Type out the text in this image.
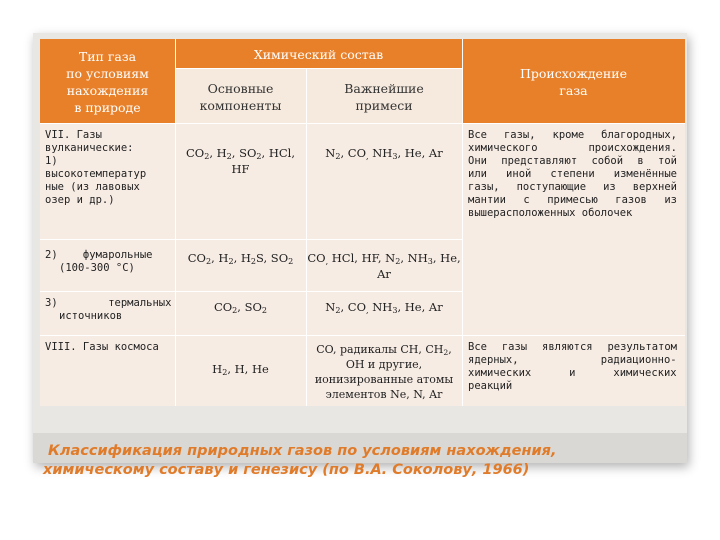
Тип газа
по условиям
нахождения
в природе
Химический состав
Основные
компоненты
Важнейшие
примеси
Происхождение
газа
VII. Газы
вулканические:
1)
высокотемператур
ные (из лавовых
озер и др.)
2)    фумарольные
(100-300 °C)
3)        термальных
источников
VIII. Газы космоса
$CO_2$, $H_2$, $SO_2$, HCl,
HF
$CO_2$, $H_2$, $H_2S$, $SO_2$
$CO_2$, $SO_2$
$H_2$, H, He
$N_2$, $CO_,$ $NH_3$, He, Ar
$CO_,$ HCl, HF, $N_2$, $NH_3$, He,
Ar
$N_2$, $CO_,$ $NH_3$, He, Ar
CO, радикалы CH, $CH_2$,
OH и другие,
ионизированные атомы
элементов Ne, N, Ar
Все газы, кроме благородных,
химического   происхождения.
Они представляют собой в той
или иной степени изменённые
газы, поступающие из верхней
мантии с примесью газов из
вышерасположенных оболочек
Все газы являются результатом
ядерных,             радиационно-
химических      и      химических
реакций
Классификация природных газов по условиям нахождения,
химическому составу и генезису (по В.А. Соколову, 1966)
